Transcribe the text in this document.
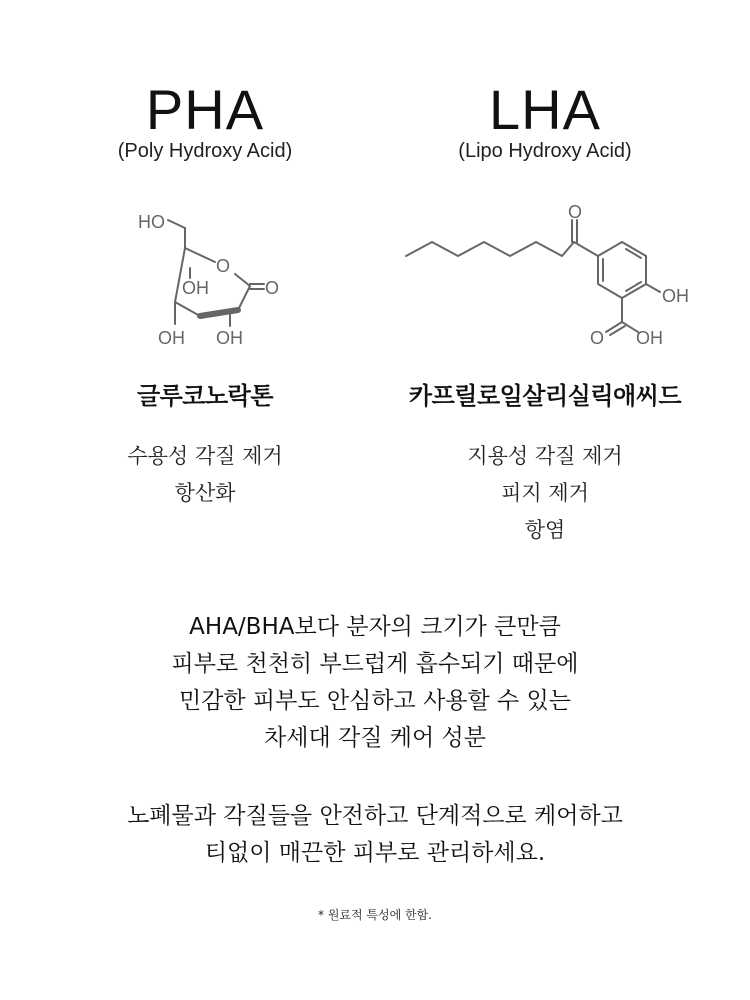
PHA
(Poly Hydroxy Acid)
HO
O
O
OH
OH OH
글루코노락톤
수용성 각질 제거
항산화
LHA
(Lipo Hydroxy Acid)
O
OH
O OH
카프릴로일살리실릭애씨드
지용성 각질 제거
피지 제거
항염
AHA/BHA보다 분자의 크기가 큰만큼
피부로 천천히 부드럽게 흡수되기 때문에
민감한 피부도 안심하고 사용할 수 있는
차세대 각질 케어 성분
노폐물과 각질들을 안전하고 단계적으로 케어하고
티없이 매끈한 피부로 관리하세요.
* 원료적 특성에 한함.
